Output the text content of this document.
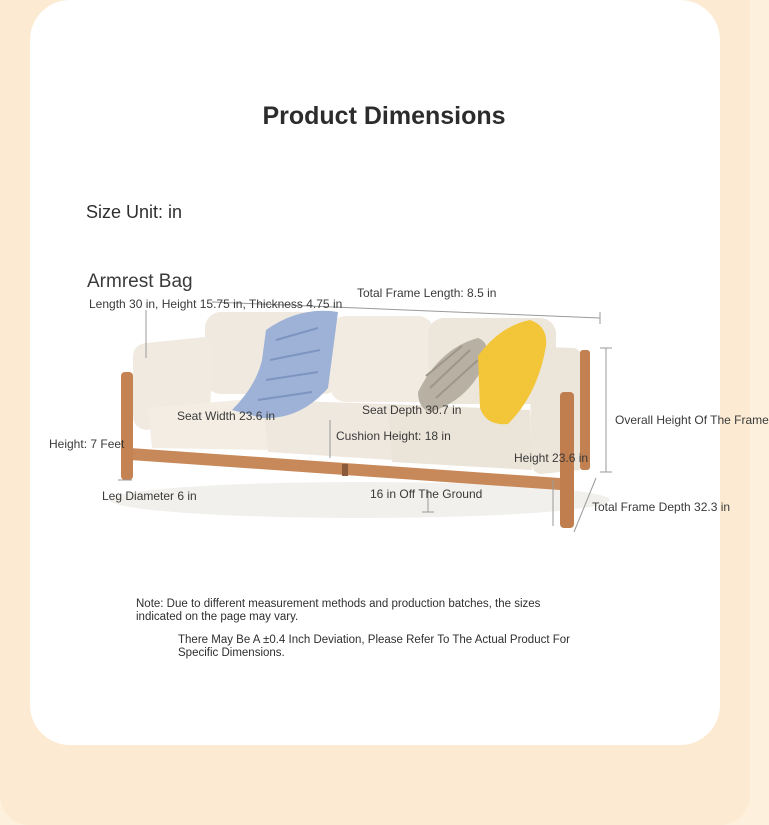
Product Dimensions
Size Unit: in
Armrest Bag
Length 30 in, Height 15.75 in, Thickness 4.75 in
Total Frame Length: 8.5 in
Seat Width 23.6 in	Seat Depth 30.7 in
Cushion Height: 18 in
Overall Height Of The Frame
Height: 7 Feet
Height 23.6 in
Leg Diameter 6 in	16 in Off The Ground
Total Frame Depth 32.3 in
Note: Due to different measurement methods and production batches, the sizes indicated on the page may vary.
There May Be A ±0.4 Inch Deviation, Please Refer To The Actual Product For Specific Dimensions.
